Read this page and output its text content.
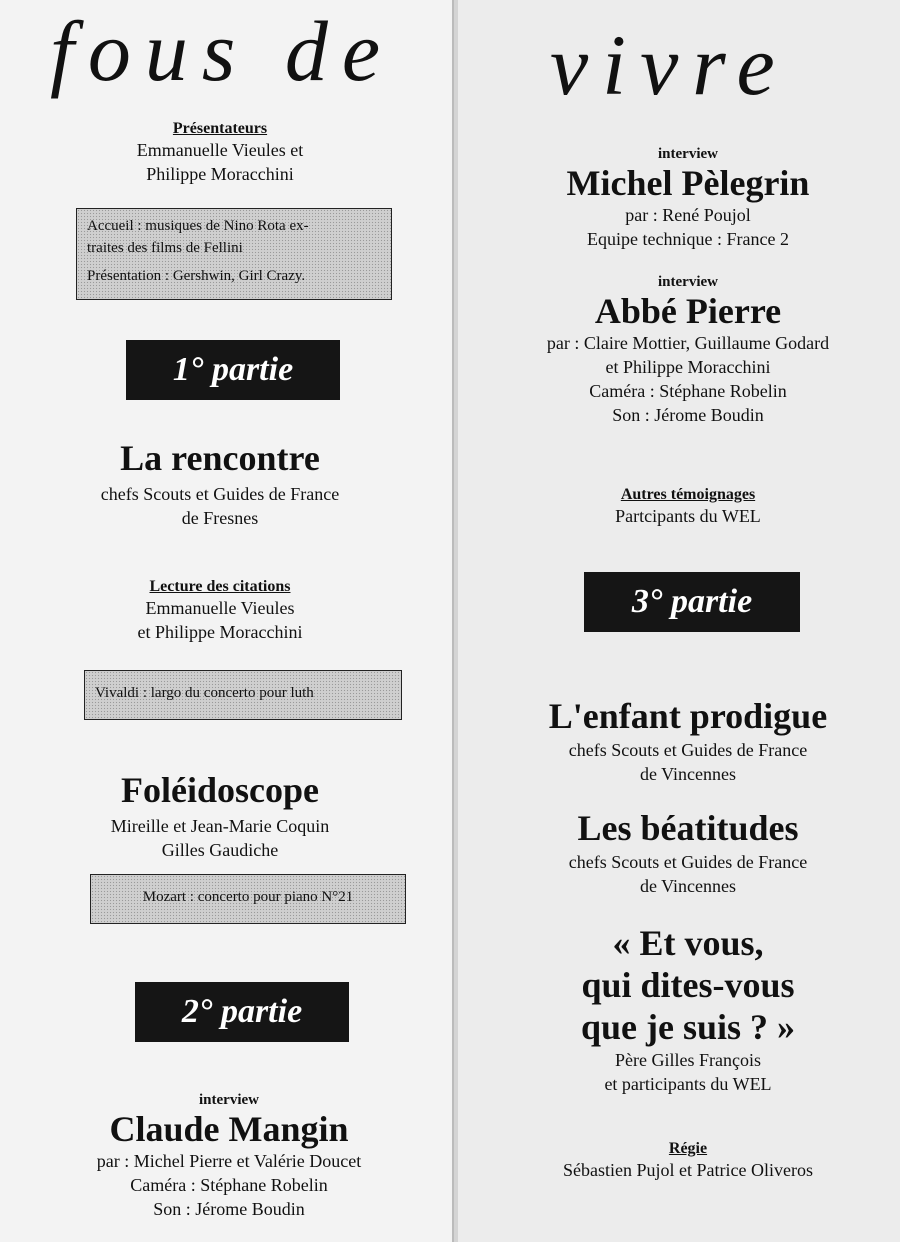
fous de
Présentateurs
Emmanuelle Vieules et
Philippe Moracchini
Accueil : musiques de Nino Rota ex-
traites des films de Fellini
Présentation : Gershwin, Girl Crazy.
1° partie
La rencontre
chefs Scouts et Guides de France
de Fresnes
Lecture des citations
Emmanuelle Vieules
et Philippe Moracchini
Vivaldi : largo du concerto pour luth
Foléidoscope
Mireille et Jean-Marie Coquin
Gilles Gaudiche
Mozart : concerto pour piano N°21
2° partie
interview
Claude Mangin
par : Michel Pierre et Valérie Doucet
Caméra : Stéphane Robelin
Son : Jérome Boudin
vivre
interview
Michel Pèlegrin
par : René Poujol
Equipe technique : France 2
interview
Abbé Pierre
par : Claire Mottier, Guillaume Godard
et Philippe Moracchini
Caméra : Stéphane Robelin
Son : Jérome Boudin
Autres témoignages
Partcipants du WEL
3° partie
L'enfant prodigue
chefs Scouts et Guides de France
de Vincennes
Les béatitudes
chefs Scouts et Guides de France
de Vincennes
« Et vous,
qui dites-vous
que je suis ? »
Père Gilles François
et participants du WEL
Régie
Sébastien Pujol et Patrice Oliveros
